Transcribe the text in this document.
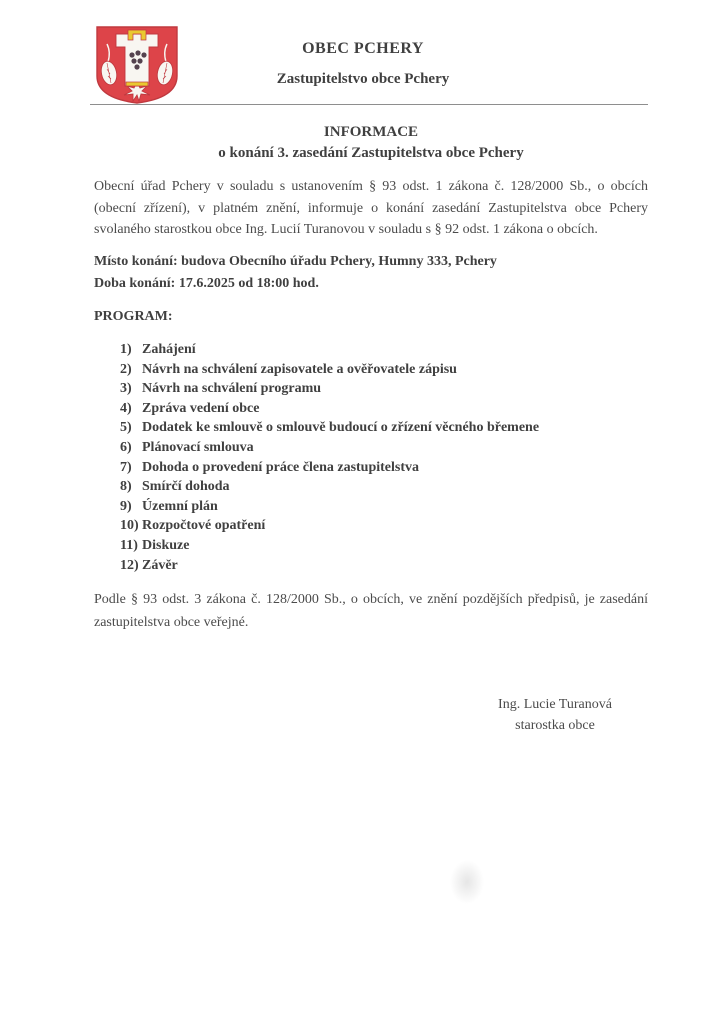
OBEC PCHERY
Zastupitelstvo obce Pchery
INFORMACE
o konání 3. zasedání Zastupitelstva obce Pchery

Obecní úřad Pchery v souladu s ustanovením § 93 odst. 1 zákona č. 128/2000 Sb., o obcích (obecní zřízení), v platném znění, informuje o konání zasedání Zastupitelstva obce Pchery svolaného starostkou obce Ing. Lucií Turanovou v souladu s § 92 odst. 1 zákona o obcích.

Místo konání: budova Obecního úřadu Pchery, Humny 333, Pchery
Doba konání: 17.6.2025 od 18:00 hod.
PROGRAM:
1) Zahájení
2) Návrh na schválení zapisovatele a ověřovatele zápisu
3) Návrh na schválení programu
4) Zpráva vedení obce
5) Dodatek ke smlouvě o smlouvě budoucí o zřízení věcného břemene
6) Plánovací smlouva
7) Dohoda o provedení práce člena zastupitelstva
8) Smírčí dohoda
9) Územní plán
10) Rozpočtové opatření
11) Diskuze
12) Závěr

Podle § 93 odst. 3 zákona č. 128/2000 Sb., o obcích, ve znění pozdějších předpisů, je zasedání zastupitelstva obce veřejné.

Ing. Lucie Turanová
starostka obce
